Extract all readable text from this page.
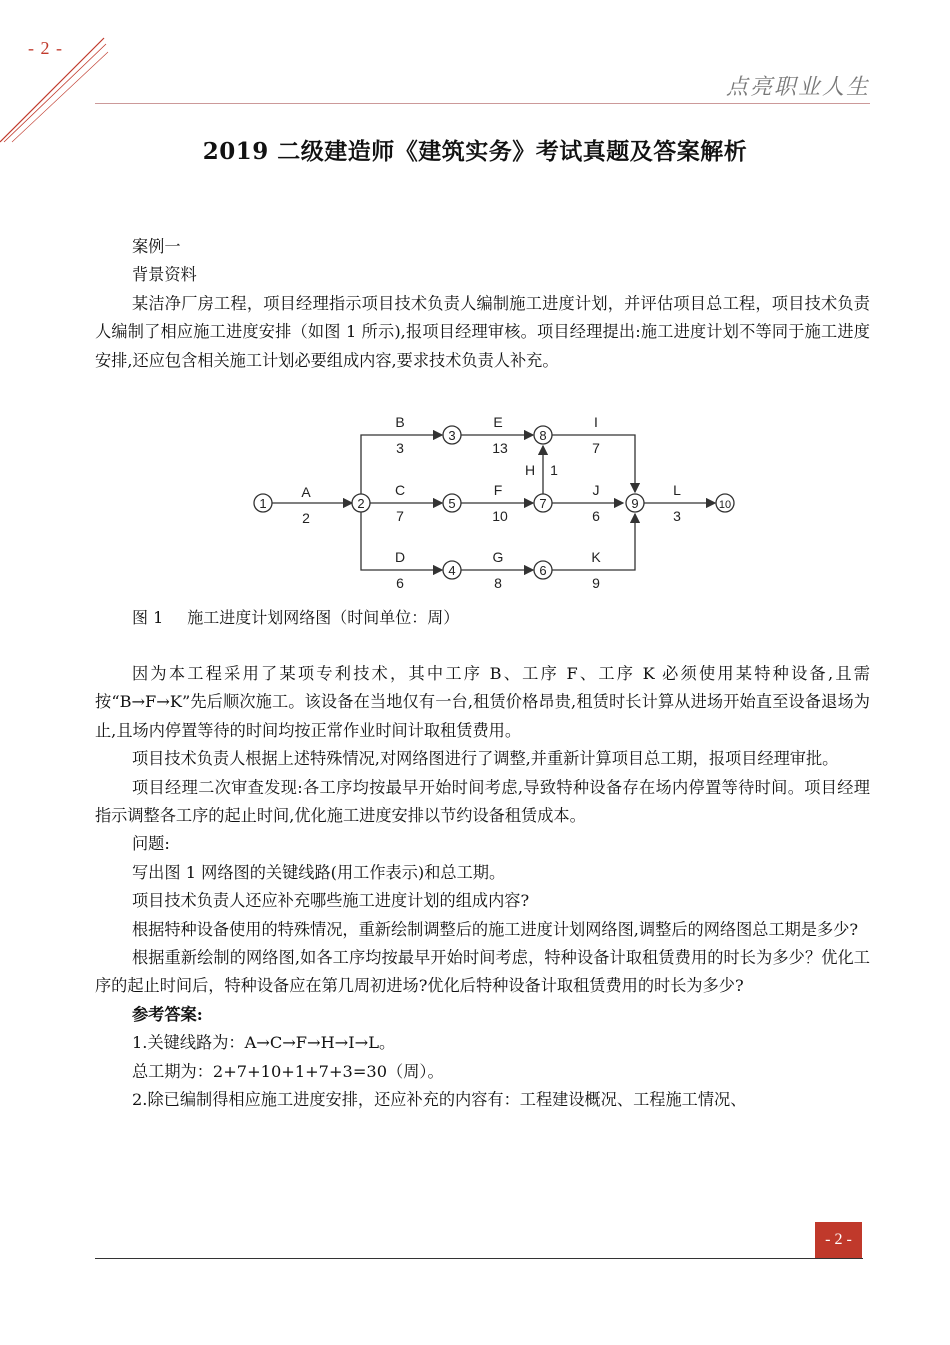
- 2 -
点亮职业人生
2019 二级建造师《建筑实务》考试真题及答案解析

案例一

背景资料

某洁净厂房工程，项目经理指示项目技术负责人编制施工进度计划，并评估项目总工程，项目技术负责人编制了相应施工进度安排（如图 1 所示),报项目经理审核。项目经理提出:施工进度计划不等同于施工进度安排,还应包含相关施工计划必要组成内容,要求技术负责人补充。

1	2
3
4
5
6
7
8
9	10
A
2
B
3
C
7
D
6
E
13
F
10
G
8
H 1
I
7
J
6
K
9
L
3
图 1 施工进度计划网络图（时间单位：周）

因为本工程采用了某项专利技术，其中工序 B、工序 F、工序 K 必须使用某特种设备,且需按“B→F→K”先后顺次施工。该设备在当地仅有一台,租赁价格昂贵,租赁时长计算从进场开始直至设备退场为止,且场内停置等待的时间均按正常作业时间计取租赁费用。

项目技术负责人根据上述特殊情况,对网络图进行了调整,并重新计算项目总工期，报项目经理审批。

项目经理二次审查发现:各工序均按最早开始时间考虑,导致特种设备存在场内停置等待时间。项目经理指示调整各工序的起止时间,优化施工进度安排以节约设备租赁成本。

问题:

写出图 1 网络图的关键线路(用工作表示)和总工期。

项目技术负责人还应补充哪些施工进度计划的组成内容?

根据特种设备使用的特殊情况，重新绘制调整后的施工进度计划网络图,调整后的网络图总工期是多少?

根据重新绘制的网络图,如各工序均按最早开始时间考虑，特种设备计取租赁费用的时长为多少？优化工序的起止时间后，特种设备应在第几周初进场?优化后特种设备计取租赁费用的时长为多少?

参考答案:

1.关键线路为：A→C→F→H→I→L。

总工期为：2+7+10+1+7+3=30（周）。

2.除已编制得相应施工进度安排，还应补充的内容有：工程建设概况、工程施工情况、

- 2 -
